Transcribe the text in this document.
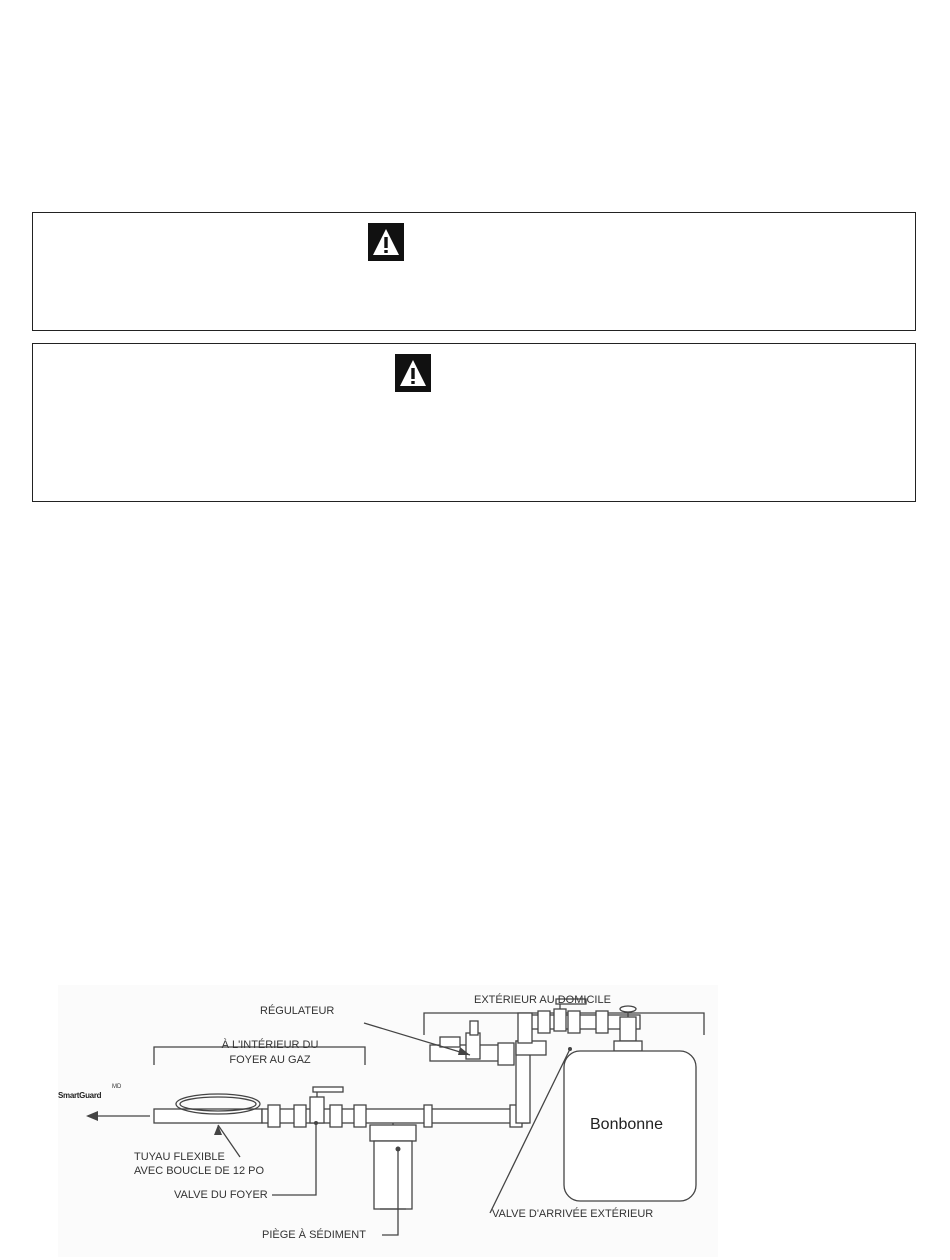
RÉGULATEUR
EXTÉRIEUR AU DOMICILE
À L'INTÉRIEUR DU
FOYER AU GAZ
SmartGuard
MD
TUYAU FLEXIBLE
AVEC BOUCLE DE 12 PO
VALVE DU FOYER
PIÈGE À SÉDIMENT
VALVE D'ARRIVÉE EXTÉRIEUR
Bonbonne
